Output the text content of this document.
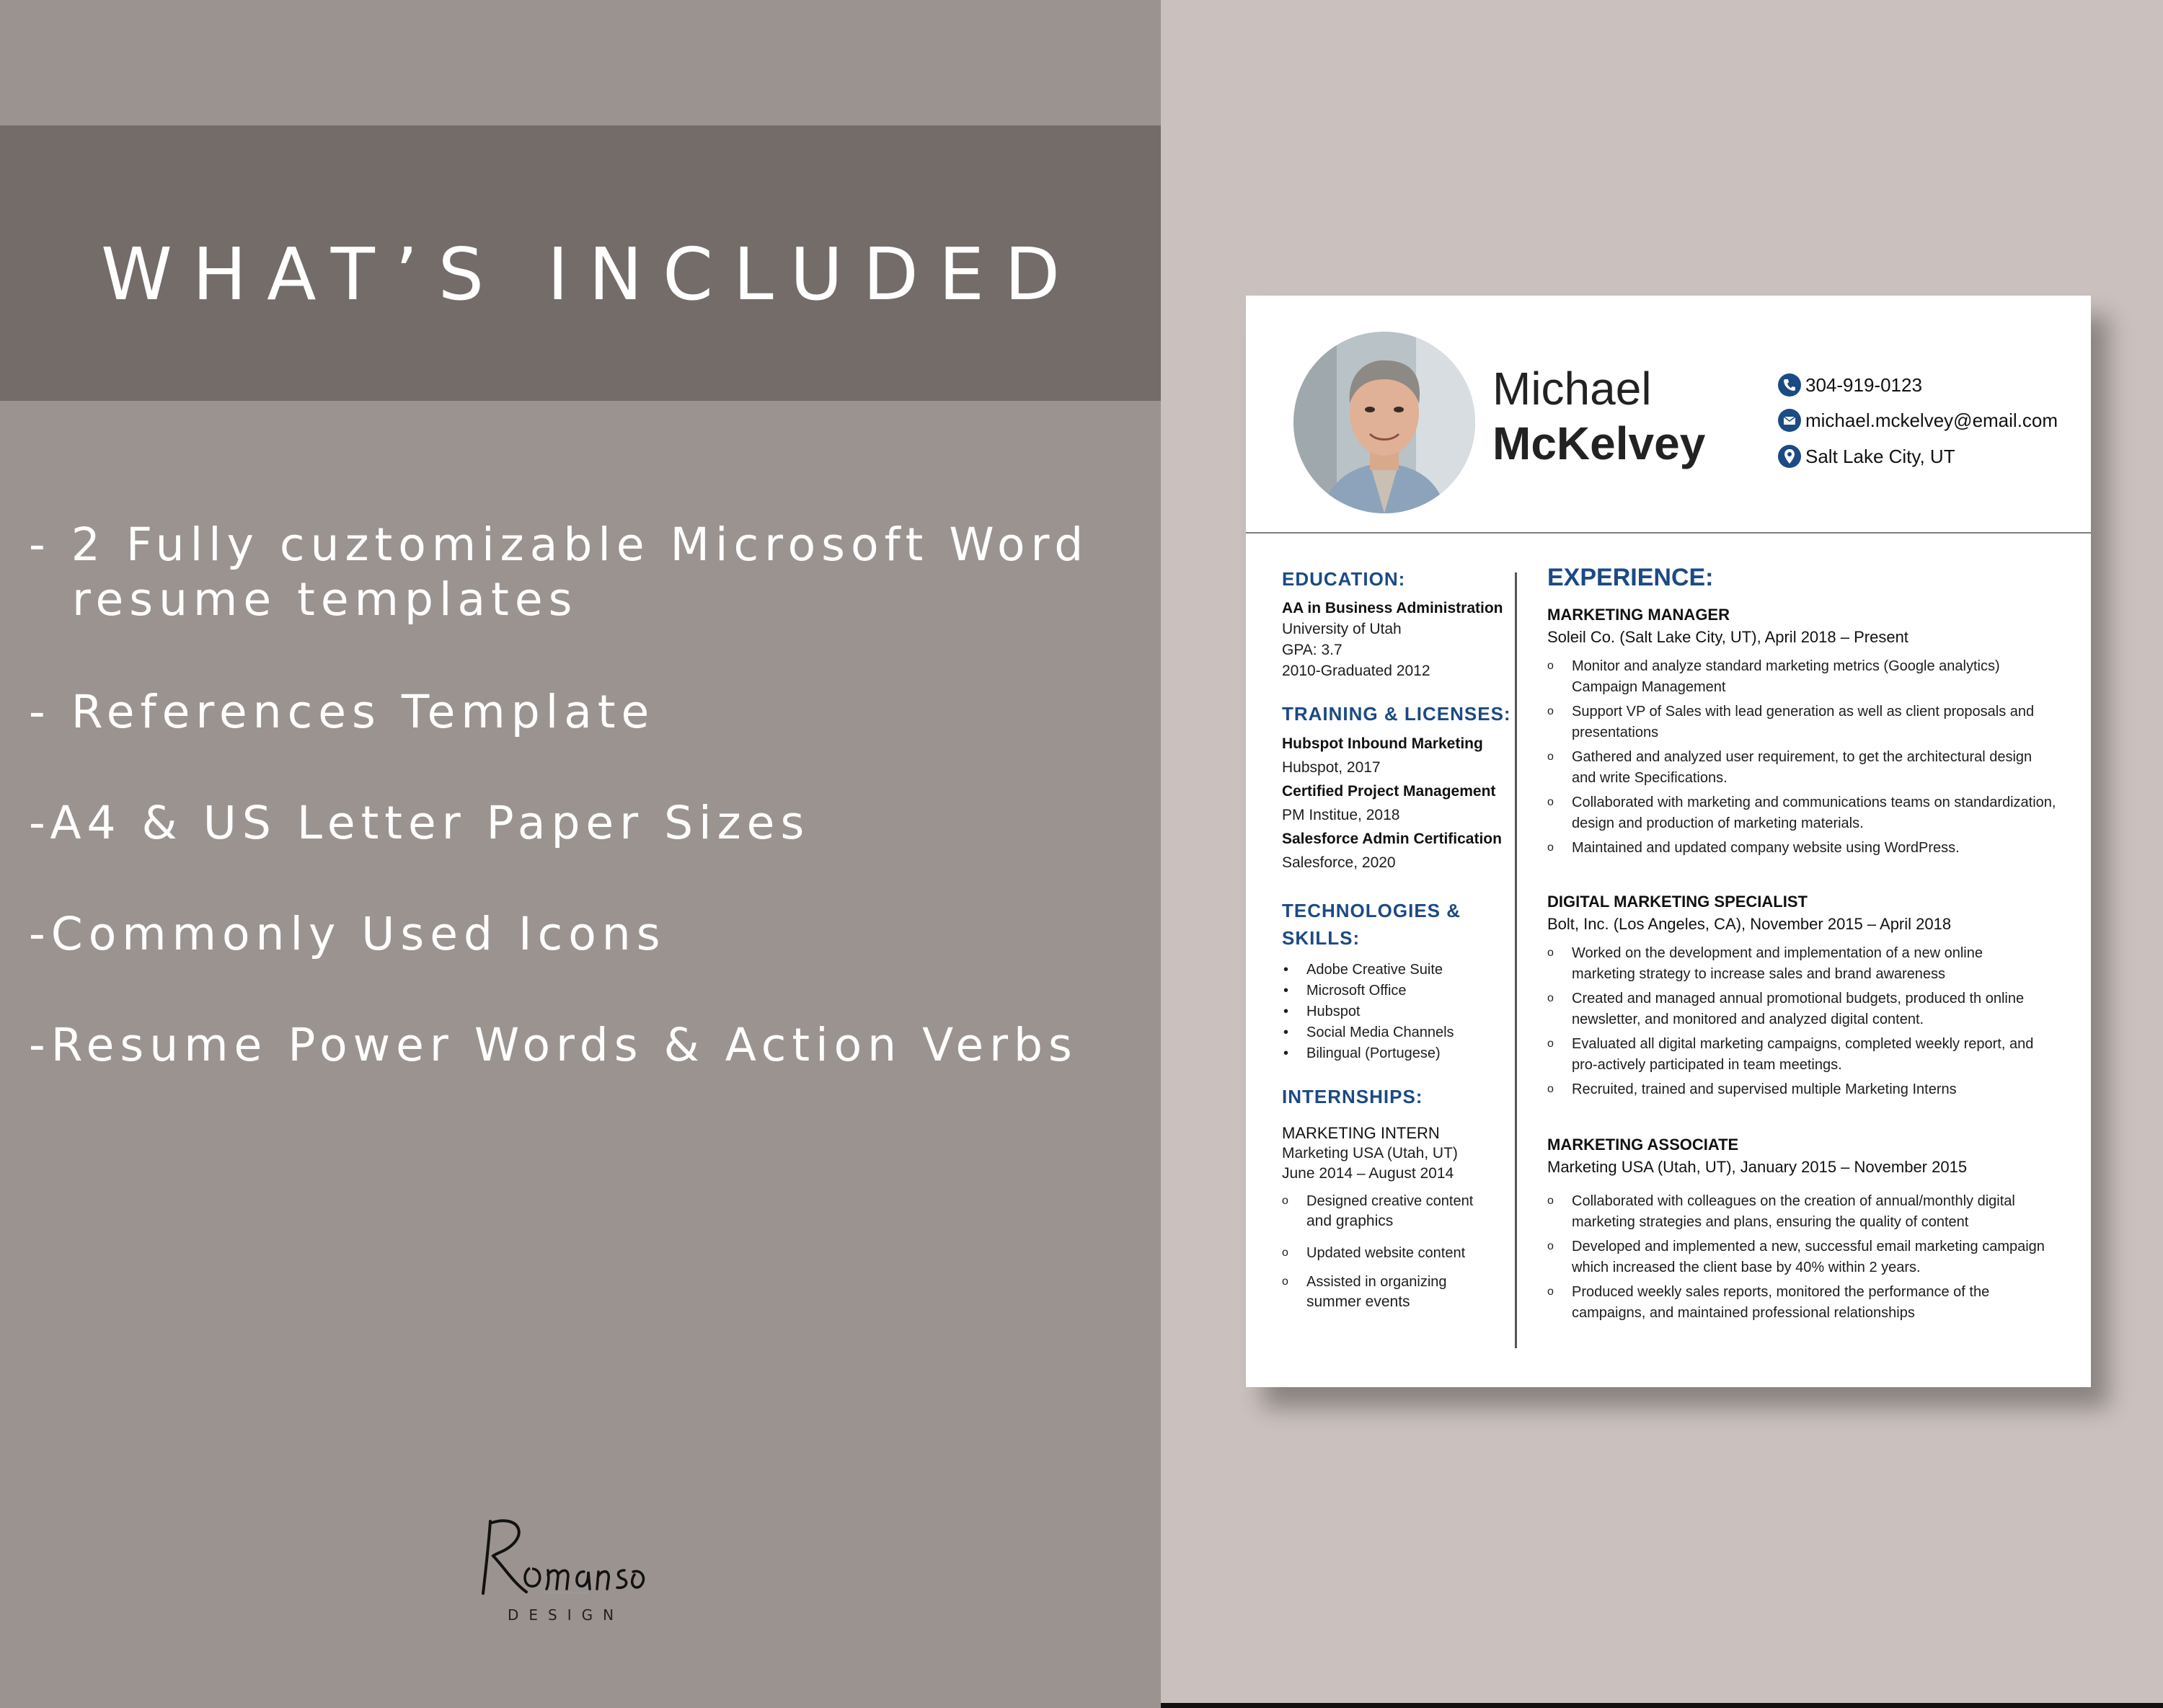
WHAT’S INCLUDED
- 2 Fully cuztomizable Microsoft Word
resume templates
- References Template
-A4 & US Letter Paper Sizes
-Commonly Used Icons
-Resume Power Words & Action Verbs
DESIGN
Michael
McKelvey
304-919-0123
michael.mckelvey@email.com
Salt Lake City, UT
EDUCATION:
AA in Business Administration
University of Utah
GPA: 3.7
2010-Graduated 2012
TRAINING & LICENSES:
Hubspot Inbound Marketing
Hubspot, 2017
Certified Project Management
PM Institue, 2018
Salesforce Admin Certification
Salesforce, 2020
TECHNOLOGIES &
SKILLS:
• Adobe Creative Suite
• Microsoft Office
• Hubspot
• Social Media Channels
• Bilingual (Portugese)
INTERNSHIPS:
MARKETING INTERN
Marketing USA (Utah, UT)
June 2014 – August 2014
o Designed creative content
and graphics
o Updated website content
o Assisted in organizing
summer events
EXPERIENCE:
MARKETING MANAGER
Soleil Co. (Salt Lake City, UT), April 2018 – Present
o Monitor and analyze standard marketing metrics (Google analytics)
Campaign Management
o Support VP of Sales with lead generation as well as client proposals and
presentations
o Gathered and analyzed user requirement, to get the architectural design
and write Specifications.
o Collaborated with marketing and communications teams on standardization,
design and production of marketing materials.
o Maintained and updated company website using WordPress.
DIGITAL MARKETING SPECIALIST
Bolt, Inc. (Los Angeles, CA), November 2015 – April 2018
o Worked on the development and implementation of a new online
marketing strategy to increase sales and brand awareness
o Created and managed annual promotional budgets, produced th online
newsletter, and monitored and analyzed digital content.
o Evaluated all digital marketing campaigns, completed weekly report, and
pro-actively participated in team meetings.
o Recruited, trained and supervised multiple Marketing Interns
MARKETING ASSOCIATE
Marketing USA (Utah, UT), January 2015 – November 2015
o Collaborated with colleagues on the creation of annual/monthly digital
marketing strategies and plans, ensuring the quality of content
o Developed and implemented a new, successful email marketing campaign
which increased the client base by 40% within 2 years.
o Produced weekly sales reports, monitored the performance of the
campaigns, and maintained professional relationships
